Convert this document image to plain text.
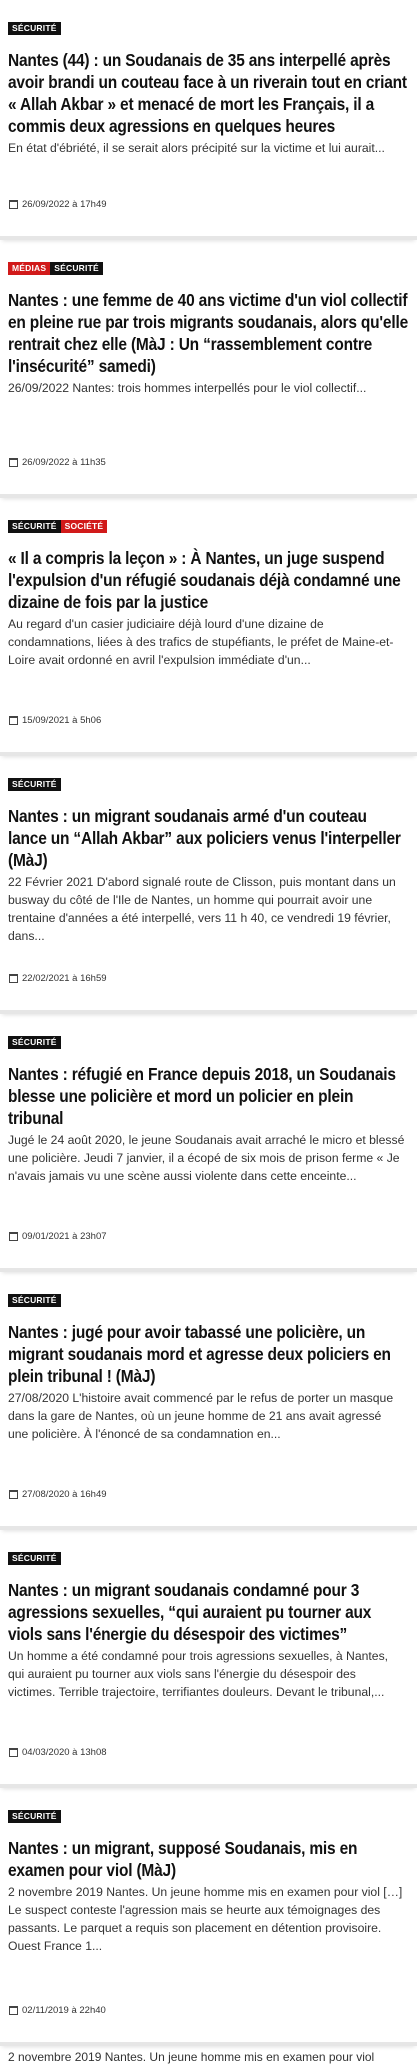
SÉCURITÉ
Nantes (44) : un Soudanais de 35 ans interpellé après avoir brandi un couteau face à un riverain tout en criant « Allah Akbar » et menacé de mort les Français, il a commis deux agressions en quelques heures

En état d'ébriété, il se serait alors précipité sur la victime et lui aurait...

26/09/2022 à 17h49
MÉDIAS SÉCURITÉ
Nantes : une femme de 40 ans victime d'un viol collectif en pleine rue par trois migrants soudanais, alors qu'elle rentrait chez elle (MàJ : Un “rassemblement contre l'insécurité” samedi)

26/09/2022 Nantes: trois hommes interpellés pour le viol collectif...

26/09/2022 à 11h35
SÉCURITÉ SOCIÉTÉ
« Il a compris la leçon » : À Nantes, un juge suspend l'expulsion d'un réfugié soudanais déjà condamné une dizaine de fois par la justice

Au regard d'un casier judiciaire déjà lourd d'une dizaine de condamnations, liées à des trafics de stupéfiants, le préfet de Maine-et-Loire avait ordonné en avril l'expulsion immédiate d'un...

15/09/2021 à 5h06
SÉCURITÉ
Nantes : un migrant soudanais armé d'un couteau lance un “Allah Akbar” aux policiers venus l'interpeller (MàJ)

22 Février 2021 D'abord signalé route de Clisson, puis montant dans un busway du côté de l'Ile de Nantes, un homme qui pourrait avoir une trentaine d'années a été interpellé, vers 11 h 40, ce vendredi 19 février, dans...

22/02/2021 à 16h59
SÉCURITÉ
Nantes : réfugié en France depuis 2018, un Soudanais blesse une policière et mord un policier en plein tribunal

Jugé le 24 août 2020, le jeune Soudanais avait arraché le micro et blessé une policière. Jeudi 7 janvier, il a écopé de six mois de prison ferme « Je n'avais jamais vu une scène aussi violente dans cette enceinte...

09/01/2021 à 23h07
SÉCURITÉ
Nantes : jugé pour avoir tabassé une policière, un migrant soudanais mord et agresse deux policiers en plein tribunal ! (MàJ)

27/08/2020 L'histoire avait commencé par le refus de porter un masque dans la gare de Nantes, où un jeune homme de 21 ans avait agressé une policière. À l'énoncé de sa condamnation en...

27/08/2020 à 16h49
SÉCURITÉ
Nantes : un migrant soudanais condamné pour 3 agressions sexuelles, “qui auraient pu tourner aux viols sans l'énergie du désespoir des victimes”

Un homme a été condamné pour trois agressions sexuelles, à Nantes, qui auraient pu tourner aux viols sans l'énergie du désespoir des victimes. Terrible trajectoire, terrifiantes douleurs. Devant le tribunal,...

04/03/2020 à 13h08
SÉCURITÉ
Nantes : un migrant, supposé Soudanais, mis en examen pour viol (MàJ)

2 novembre 2019 Nantes. Un jeune homme mis en examen pour viol […] Le suspect conteste l'agression mais se heurte aux témoignages des passants. Le parquet a requis son placement en détention provisoire. Ouest France 1...

02/11/2019 à 22h40
2 novembre 2019 Nantes. Un jeune homme mis en examen pour viol
